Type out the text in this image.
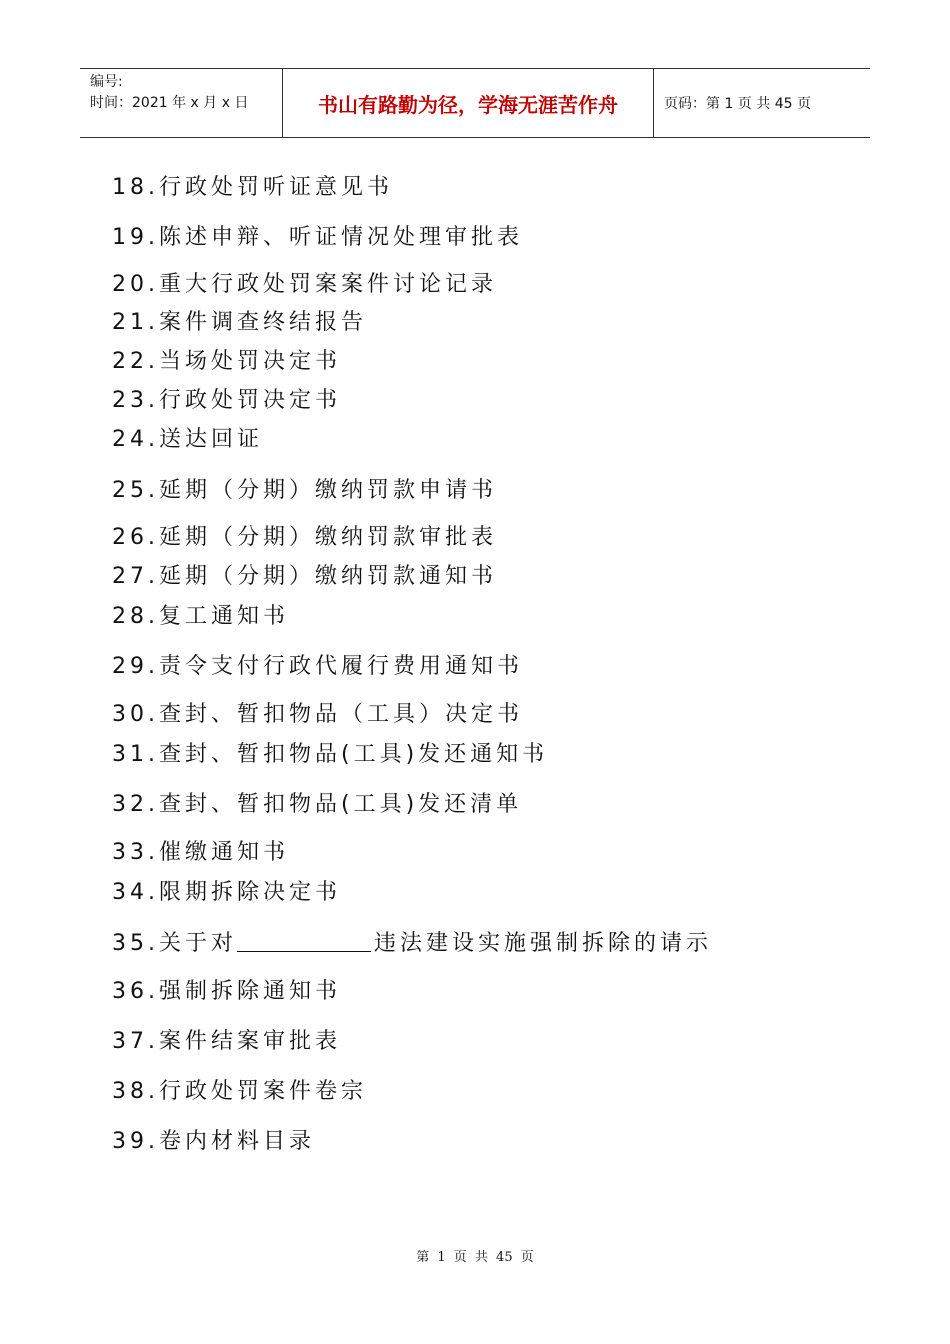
编号:
时间：2021 年 x 月 x 日	书山有路勤为径，学海无涯苦作舟	页码：第 1 页 共 45 页
18.行政处罚听证意见书
19.陈述申辩、听证情况处理审批表
20.重大行政处罚案案件讨论记录
21.案件调查终结报告
22.当场处罚决定书
23.行政处罚决定书
24.送达回证
25.延期（分期）缴纳罚款申请书
26.延期（分期）缴纳罚款审批表
27.延期（分期）缴纳罚款通知书
28.复工通知书
29.责令支付行政代履行费用通知书
30.查封、暂扣物品（工具）决定书
31.查封、暂扣物品(工具)发还通知书
32.查封、暂扣物品(工具)发还清单
33.催缴通知书
34.限期拆除决定书
35.关于对	违法建设实施强制拆除的请示
36.强制拆除通知书
37.案件结案审批表
38.行政处罚案件卷宗
39.卷内材料目录
第 1 页 共 45 页
